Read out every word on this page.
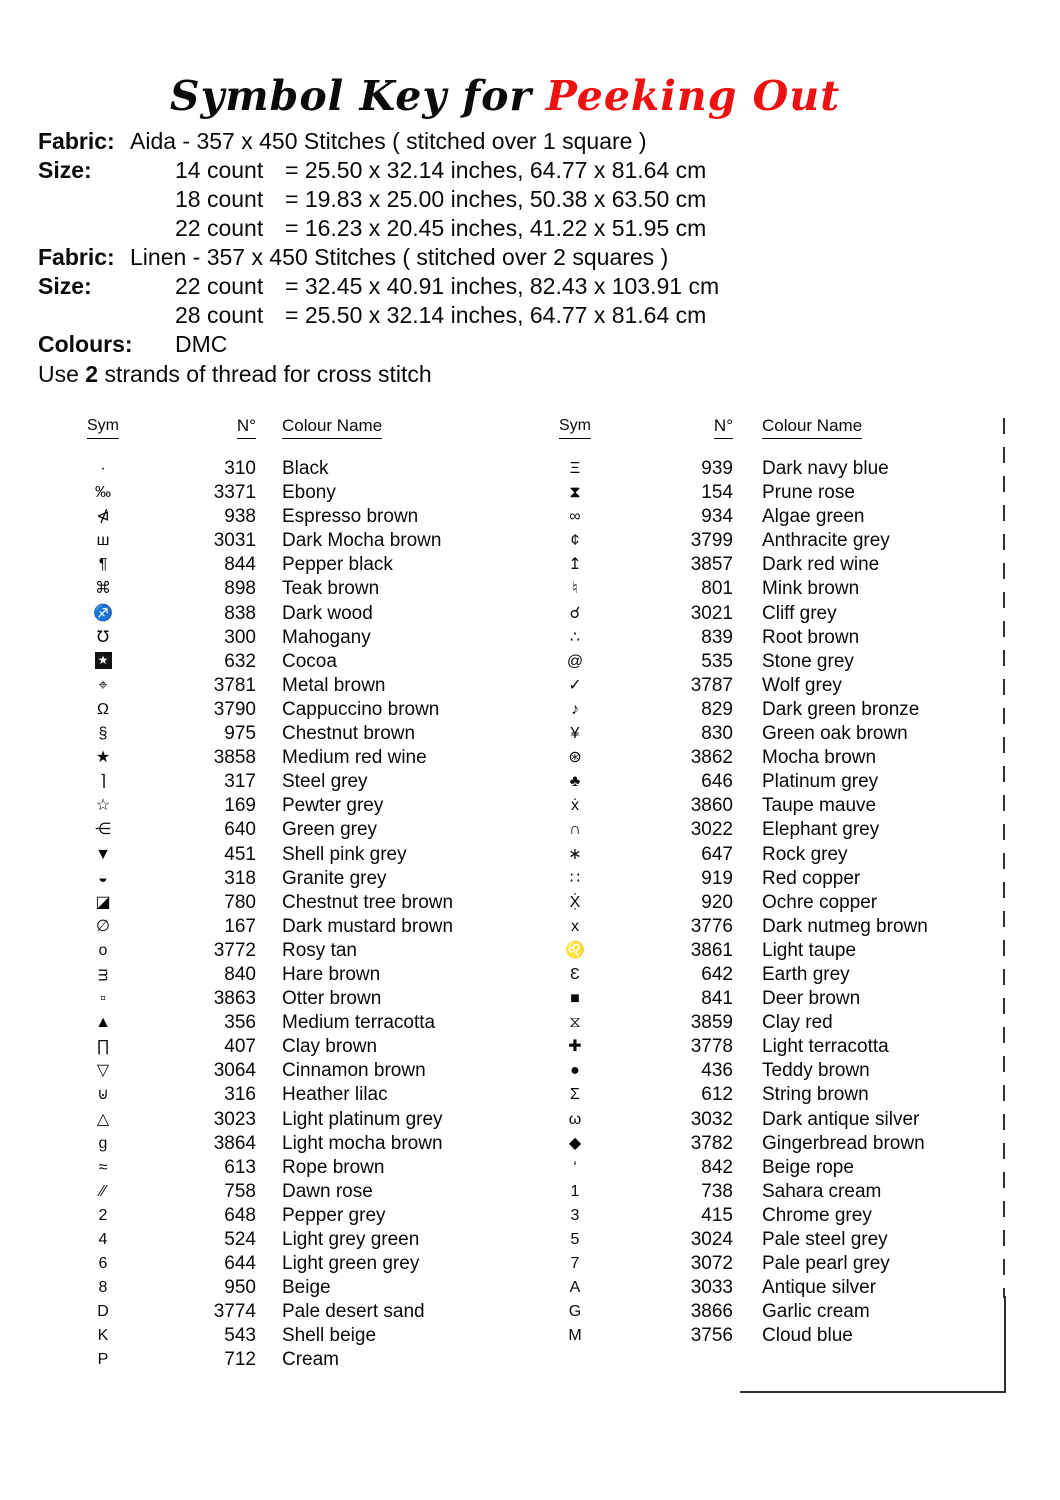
Symbol Key for Peeking Out
Fabric: Aida - 357 x 450 Stitches ( stitched over 1 square )
Size:	14 count = 25.50 x 32.14 inches, 64.77 x 81.64 cm
18 count = 19.83 x 25.00 inches, 50.38 x 63.50 cm
22 count = 16.23 x 20.45 inches, 41.22 x 51.95 cm
Fabric: Linen - 357 x 450 Stitches ( stitched over 2 squares )
Size:	22 count = 32.45 x 40.91 inches, 82.43 x 103.91 cm
28 count = 25.50 x 32.14 inches, 64.77 x 81.64 cm
Colours: DMC
Use 2 strands of thread for cross stitch
Sym	N°	Colour Name
·	310	Black
‰	3371	Ebony
⋪	938	Espresso brown
ш	3031	Dark Mocha brown
¶	844	Pepper black
⌘	898	Teak brown
♐	838	Dark wood
℧	300	Mahogany
★	632	Cocoa
⌖	3781	Metal brown
Ω	3790	Cappuccino brown
§	975	Chestnut brown
★	3858	Medium red wine
⌉	317	Steel grey
☆	169	Pewter grey
⋲	640	Green grey
▼	451	Shell pink grey
◒	318	Granite grey
◪	780	Chestnut tree brown
∅	167	Dark mustard brown
o	3772	Rosy tan
ᴟ	840	Hare brown
▫	3863	Otter brown
▲	356	Medium terracotta
∏	407	Clay brown
▽	3064	Cinnamon brown
⊍	316	Heather lilac
△	3023	Light platinum grey
g	3864	Light mocha brown
≈	613	Rope brown
∕∕	758	Dawn rose
2	648	Pepper grey
4	524	Light grey green
6	644	Light green grey
8	950	Beige
D	3774	Pale desert sand
K	543	Shell beige
P	712	Cream
Sym	N°	Colour Name
Ξ	939	Dark navy blue
⧗	154	Prune rose
∞	934	Algae green
¢	3799	Anthracite grey
↥	3857	Dark red wine
♮	801	Mink brown
☌	3021	Cliff grey
∴	839	Root brown
@	535	Stone grey
✓	3787	Wolf grey
♪	829	Dark green bronze
¥	830	Green oak brown
⊛	3862	Mocha brown
♣	646	Platinum grey
ẋ	3860	Taupe mauve
∩	3022	Elephant grey
∗	647	Rock grey
∷	919	Red copper
Ẋ̣	920	Ochre copper
x	3776	Dark nutmeg brown
♌	3861	Light taupe
Ɛ	642	Earth grey
■	841	Deer brown
⧖	3859	Clay red
✚	3778	Light terracotta
●	436	Teddy brown
Σ	612	String brown
ω	3032	Dark antique silver
◆	3782	Gingerbread brown
‘	842	Beige rope
1	738	Sahara cream
3	415	Chrome grey
5	3024	Pale steel grey
7	3072	Pale pearl grey
A	3033	Antique silver
G	3866	Garlic cream
M	3756	Cloud blue
